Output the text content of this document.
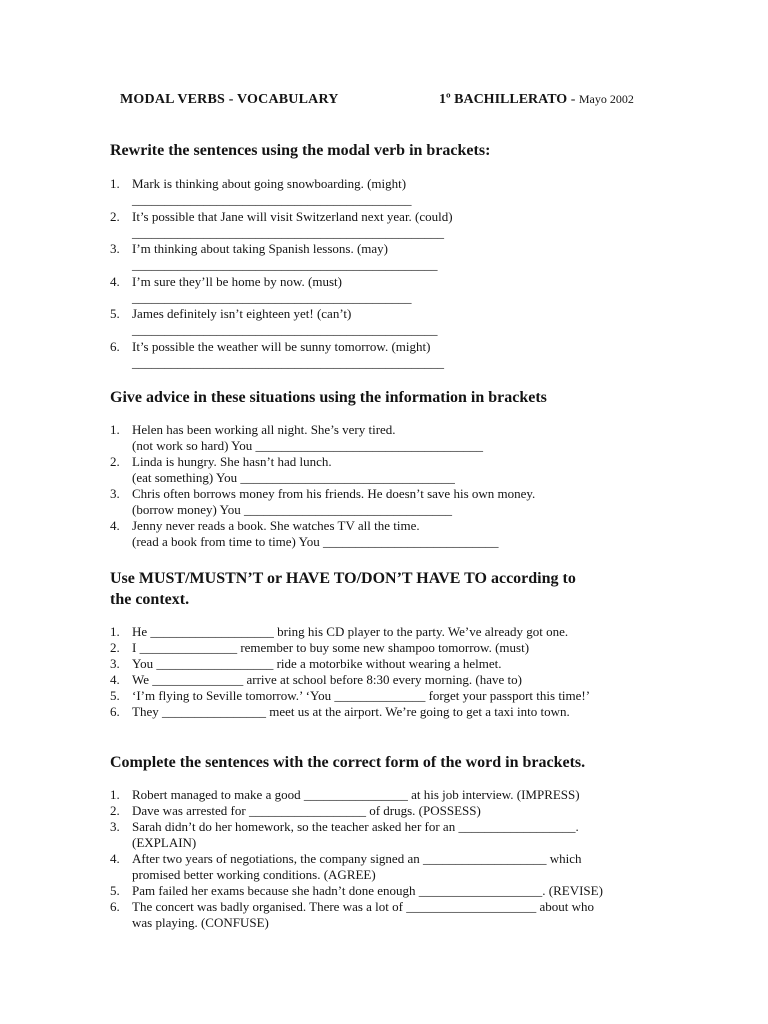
MODAL VERBS - VOCABULARY	1º BACHILLERATO - Mayo 2002
Rewrite the sentences using the modal verb in brackets:
1. Mark is thinking about going snowboarding. (might)
___________________________________________
2. It’s possible that Jane will visit Switzerland next year. (could)
________________________________________________
3. I’m thinking about taking Spanish lessons. (may)
_______________________________________________
4. I’m sure they’ll be home by now. (must)
___________________________________________
5. James definitely isn’t eighteen yet! (can’t)
_______________________________________________
6. It’s possible the weather will be sunny tomorrow. (might)
________________________________________________
Give advice in these situations using the information in brackets
1. Helen has been working all night. She’s very tired.
(not work so hard) You ___________________________________
2. Linda is hungry. She hasn’t had lunch.
(eat something) You _________________________________
3. Chris often borrows money from his friends. He doesn’t save his own money.
(borrow money) You ________________________________
4. Jenny never reads a book. She watches TV all the time.
(read a book from time to time) You ___________________________
Use MUST/MUSTN’T or HAVE TO/DON’T HAVE TO according to
the context.
1. He ___________________ bring his CD player to the party. We’ve already got one.
2. I _______________ remember to buy some new shampoo tomorrow. (must)
3. You __________________ ride a motorbike without wearing a helmet.
4. We ______________ arrive at school before 8:30 every morning. (have to)
5. ‘I’m flying to Seville tomorrow.’ ‘You ______________ forget your passport this time!’
6. They ________________ meet us at the airport. We’re going to get a taxi into town.
Complete the sentences with the correct form of the word in brackets.
1. Robert managed to make a good ________________ at his job interview. (IMPRESS)
2. Dave was arrested for __________________ of drugs. (POSSESS)
3. Sarah didn’t do her homework, so the teacher asked her for an __________________.
(EXPLAIN)
4. After two years of negotiations, the company signed an ___________________ which
promised better working conditions. (AGREE)
5. Pam failed her exams because she hadn’t done enough ___________________. (REVISE)
6. The concert was badly organised. There was a lot of ____________________ about who
was playing. (CONFUSE)
